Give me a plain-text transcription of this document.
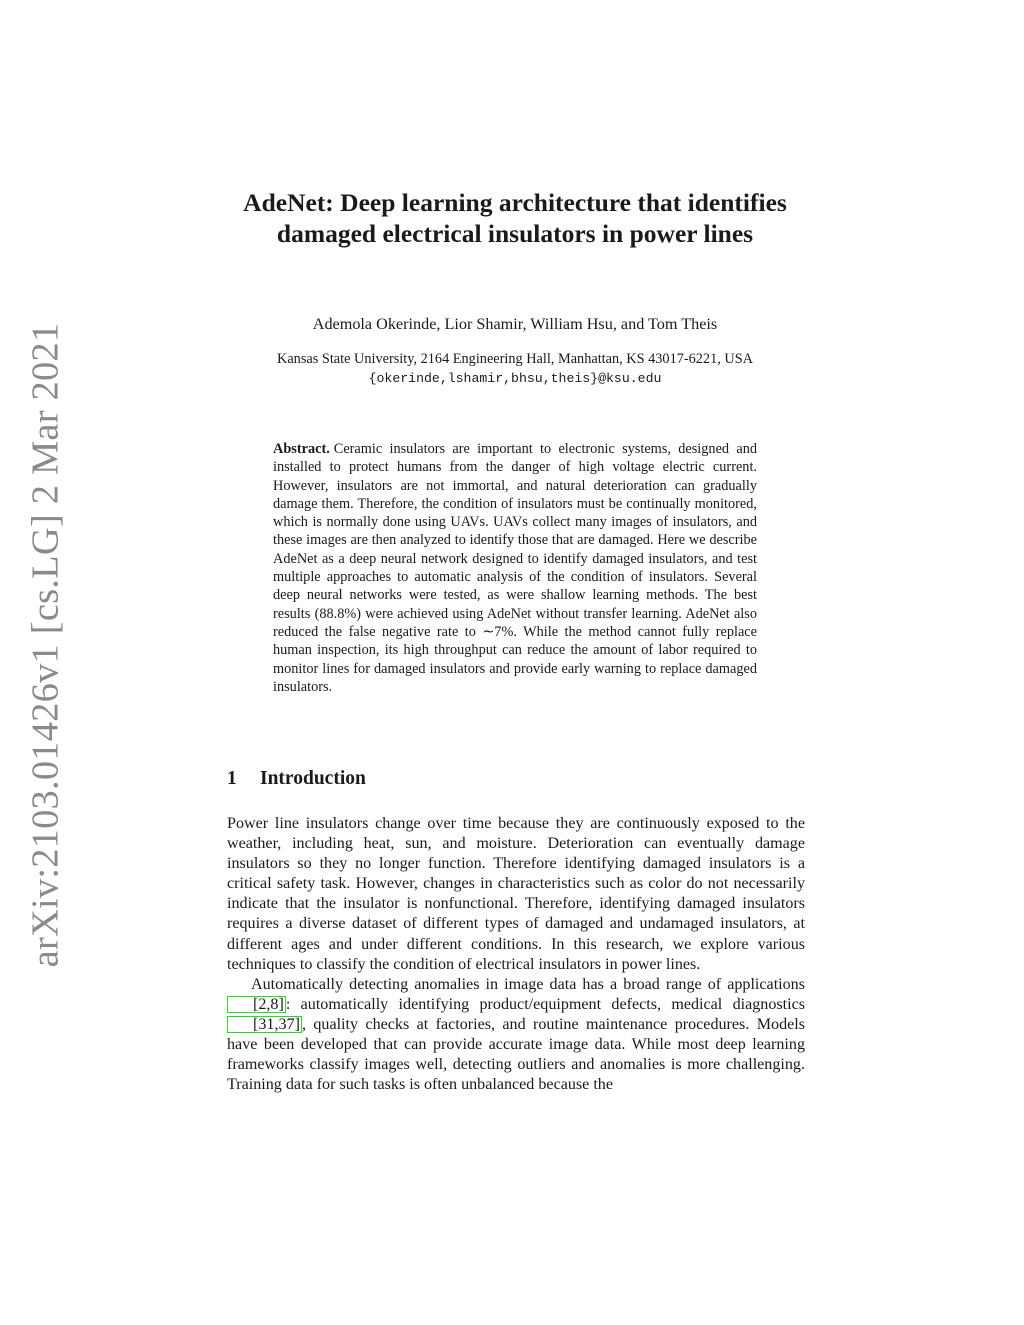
arXiv:2103.01426v1 [cs.LG] 2 Mar 2021
AdeNet: Deep learning architecture that identifies damaged electrical insulators in power lines

Ademola Okerinde, Lior Shamir, William Hsu, and Tom Theis

Kansas State University, 2164 Engineering Hall, Manhattan, KS 43017-6221, USA
{okerinde,lshamir,bhsu,theis}@ksu.edu

Abstract. Ceramic insulators are important to electronic systems, designed and installed to protect humans from the danger of high voltage electric current. However, insulators are not immortal, and natural deterioration can gradually damage them. Therefore, the condition of insulators must be continually monitored, which is normally done using UAVs. UAVs collect many images of insulators, and these images are then analyzed to identify those that are damaged. Here we describe AdeNet as a deep neural network designed to identify damaged insulators, and test multiple approaches to automatic analysis of the condition of insulators. Several deep neural networks were tested, as were shallow learning methods. The best results (88.8%) were achieved using AdeNet without transfer learning. AdeNet also reduced the false negative rate to ∼7%. While the method cannot fully replace human inspection, its high throughput can reduce the amount of labor required to monitor lines for damaged insulators and provide early warning to replace damaged insulators.

1 Introduction

Power line insulators change over time because they are continuously exposed to the weather, including heat, sun, and moisture. Deterioration can eventually damage insulators so they no longer function. Therefore identifying damaged insulators is a critical safety task. However, changes in characteristics such as color do not necessarily indicate that the insulator is nonfunctional. Therefore, identifying damaged insulators requires a diverse dataset of different types of damaged and undamaged insulators, at different ages and under different conditions. In this research, we explore various techniques to classify the condition of electrical insulators in power lines.

Automatically detecting anomalies in image data has a broad range of applications [2,8] : automatically identifying product/equipment defects, medical diagnostics [31,37] , quality checks at factories, and routine maintenance procedures. Models have been developed that can provide accurate image data. While most deep learning frameworks classify images well, detecting outliers and anomalies is more challenging. Training data for such tasks is often unbalanced because the
